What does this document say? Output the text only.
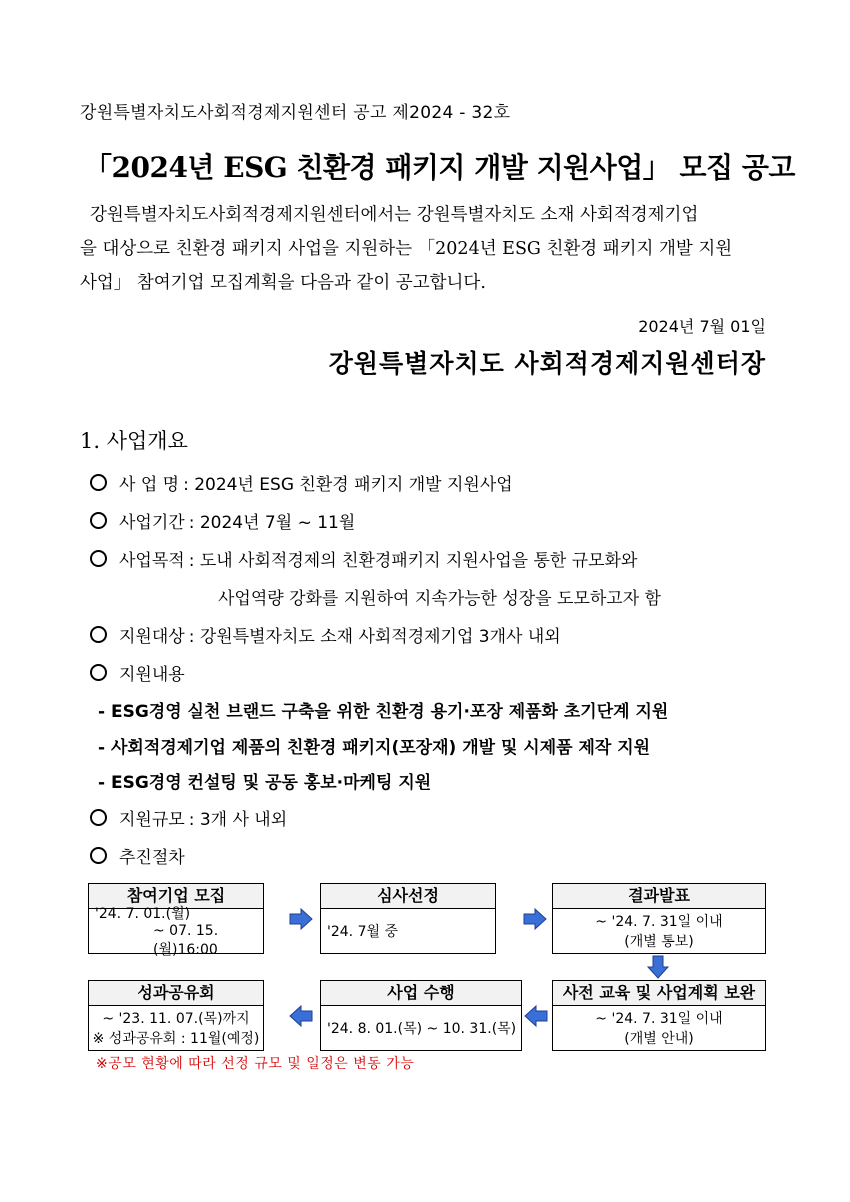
강원특별자치도사회적경제지원센터 공고 제2024 - 32호
「2024년 ESG 친환경 패키지 개발 지원사업」 모집 공고
강원특별자치도사회적경제지원센터에서는 강원특별자치도 소재 사회적경제기업
을 대상으로 친환경 패키지 사업을 지원하는 「2024년 ESG 친환경 패키지 개발 지원
사업」 참여기업 모집계획을 다음과 같이 공고합니다.
2024년 7월 01일
강원특별자치도 사회적경제지원센터장
1. 사업개요
사 업 명 : 2024년 ESG 친환경 패키지 개발 지원사업
사업기간 : 2024년 7월 ~ 11월
사업목적 : 도내 사회적경제의 친환경패키지 지원사업을 통한 규모화와
사업역량 강화를 지원하여 지속가능한 성장을 도모하고자 함
지원대상 : 강원특별자치도 소재 사회적경제기업 3개사 내외
지원내용
- ESG경영 실천 브랜드 구축을 위한 친환경 용기·포장 제품화 초기단계 지원
- 사회적경제기업 제품의 친환경 패키지(포장재) 개발 및 시제품 제작 지원
- ESG경영 컨설팅 및 공동 홍보·마케팅 지원
지원규모 : 3개 사 내외
추진절차
참여기업 모집
'24. 7. 01.(월)
~ 07. 15.(월)16:00
심사선정
'24. 7월 중
결과발표
~ '24. 7. 31일 이내
(개별 통보)
성과공유회
~ '23. 11. 07.(목)까지
※ 성과공유회 : 11월(예정)
사업 수행
'24. 8. 01.(목) ~ 10. 31.(목)
사전 교육 및 사업계획 보완
~ '24. 7. 31일 이내
(개별 안내)
※공모 현황에 따라 선정 규모 및 일정은 변동 가능
